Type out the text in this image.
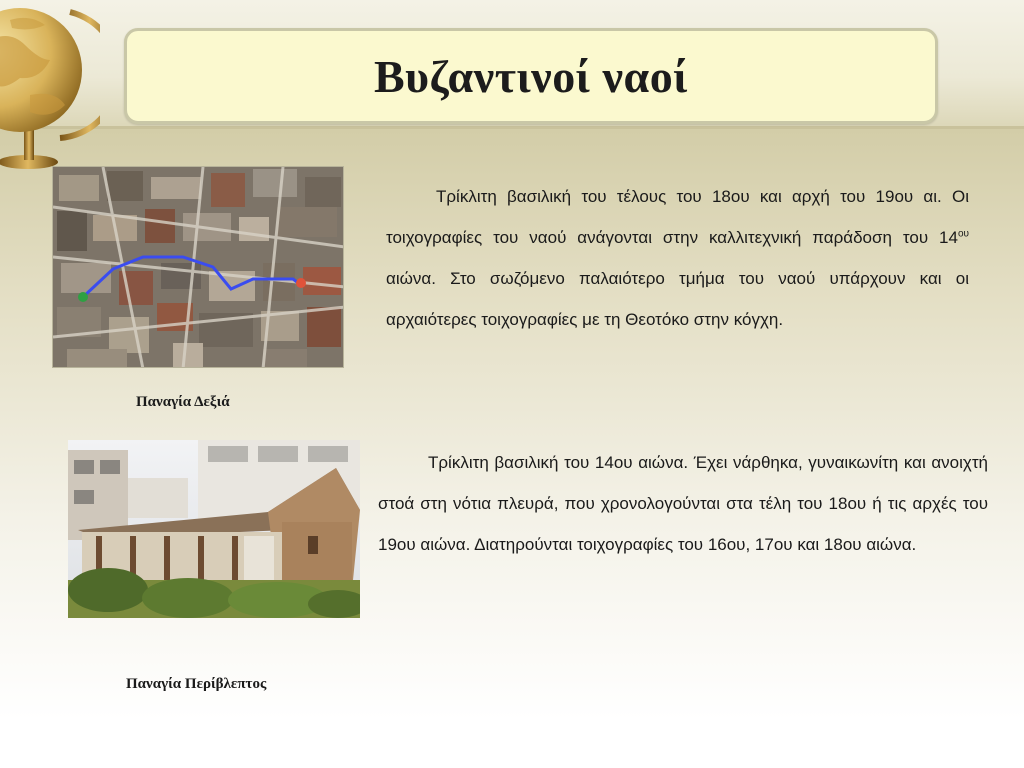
Βυζαντινοί ναοί
Παναγία Δεξιά

Τρίκλιτη βασιλική του τέλους του 18ου και αρχή του 19ου αι. Οι τοιχογραφίες του ναού ανάγονται στην καλλιτεχνική παράδοση του $14^{o\upsilon}$ αιώνα. Στο σωζόμενο παλαιότερο τμήμα του ναού υπάρχουν και οι αρχαιότερες τοιχογραφίες με τη Θεοτόκο στην κόγχη.

Παναγία Περίβλεπτος

Τρίκλιτη βασιλική του 14ου αιώνα. Έχει νάρθηκα, γυναικωνίτη και ανοιχτή στοά στη νότια πλευρά, που χρονολογούνται στα τέλη του 18ου ή τις αρχές του 19ου αιώνα. Διατηρούνται τοιχογραφίες του 16ου, 17ου και 18ου αιώνα.
